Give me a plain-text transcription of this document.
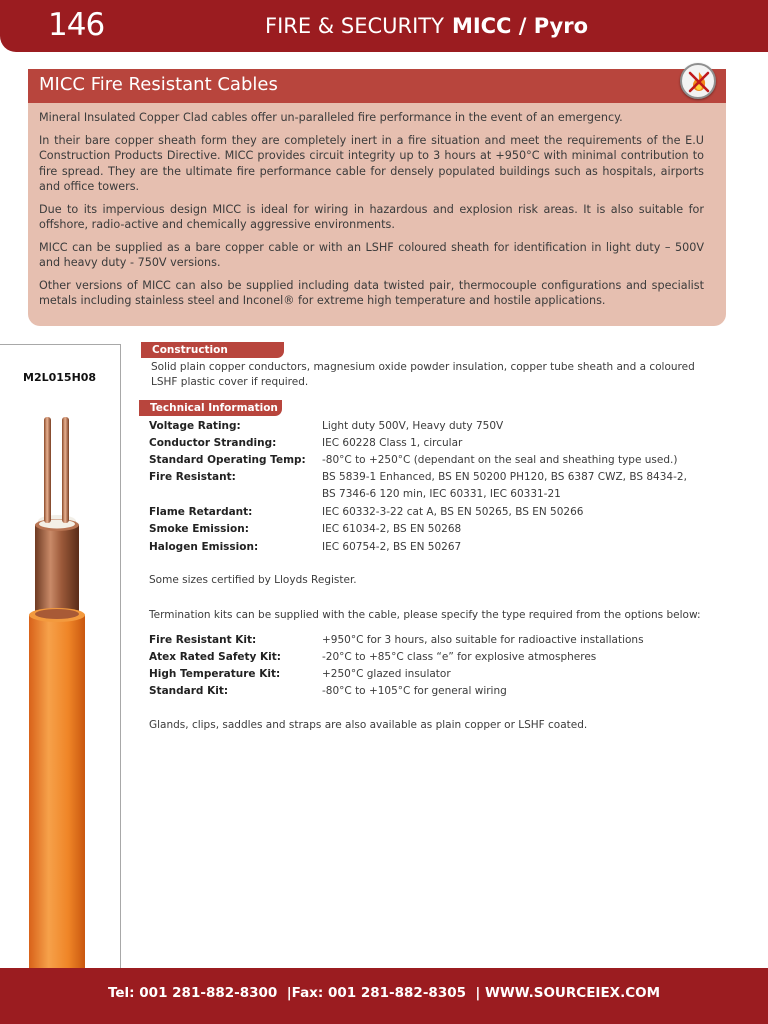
146	FIRE & SECURITY MICC / Pyro
MICC Fire Resistant Cables

Mineral Insulated Copper Clad cables offer un-paralleled fire performance in the event of an emergency.

In their bare copper sheath form they are completely inert in a fire situation and meet the requirements of the E.U Construction Products Directive. MICC provides circuit integrity up to 3 hours at +950°C with minimal contribution to fire spread. They are the ultimate fire performance cable for densely populated buildings such as hospitals, airports and office towers.

Due to its impervious design MICC is ideal for wiring in hazardous and explosion risk areas. It is also suitable for offshore, radio-active and chemically aggressive environments.

MICC can be supplied as a bare copper cable or with an LSHF coloured sheath for identification in light duty – 500V and heavy duty - 750V versions.

Other versions of MICC can also be supplied including data twisted pair, thermocouple configurations and specialist metals including stainless steel and Inconel® for extreme high temperature and hostile applications.

M2L015H08
Construction
Solid plain copper conductors, magnesium oxide powder insulation, copper tube sheath and a coloured LSHF plastic cover if required.
Technical Information
Voltage Rating:	Light duty 500V, Heavy duty 750V
Conductor Stranding:	IEC 60228 Class 1, circular
Standard Operating Temp: -80°C to +250°C (dependant on the seal and sheathing type used.)
Fire Resistant:	BS 5839-1 Enhanced, BS EN 50200 PH120, BS 6387 CWZ, BS 8434-2,
BS 7346-6 120 min, IEC 60331, IEC 60331-21
Flame Retardant:	IEC 60332-3-22 cat A, BS EN 50265, BS EN 50266
Smoke Emission:	IEC 61034-2, BS EN 50268
Halogen Emission:	IEC 60754-2, BS EN 50267
Some sizes certified by Lloyds Register.
Termination kits can be supplied with the cable, please specify the type required from the options below:
Fire Resistant Kit:	+950°C for 3 hours, also suitable for radioactive installations
Atex Rated Safety Kit:	-20°C to +85°C class “e” for explosive atmospheres
High Temperature Kit:	+250°C glazed insulator
Standard Kit:	-80°C to +105°C for general wiring
Glands, clips, saddles and straps are also available as plain copper or LSHF coated.
Tel: 001 281-882-8300  |Fax: 001 281-882-8305  | WWW.SOURCEIEX.COM
